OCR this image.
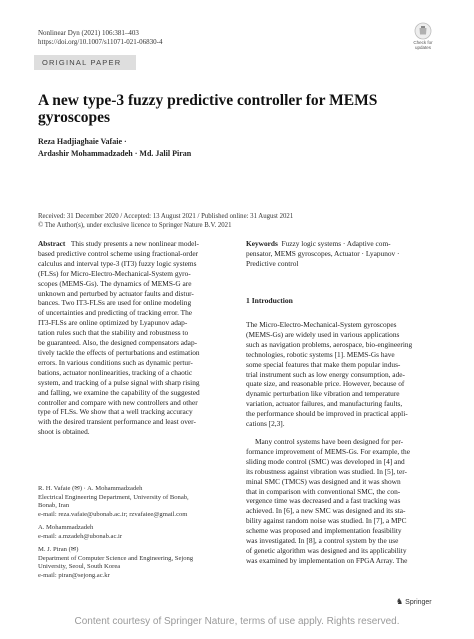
Nonlinear Dyn (2021) 106:381–403
https://doi.org/10.1007/s11071-021-06830-4	Check for updates
ORIGINAL PAPER
A new type-3 fuzzy predictive controller for MEMS
gyroscopes
Reza Hadjiaghaie Vafaie ·
Ardashir Mohammadzadeh · Md. Jalil Piran
Received: 31 December 2020 / Accepted: 13 August 2021 / Published online: 31 August 2021
© The Author(s), under exclusive licence to Springer Nature B.V. 2021
Abstract This study presents a new nonlinear model-
based predictive control scheme using fractional-order
calculus and interval type-3 (IT3) fuzzy logic systems
(FLSs) for Micro-Electro-Mechanical-System gyro-
scopes (MEMS-Gs). The dynamics of MEMS-G are
unknown and perturbed by actuator faults and distur-
bances. Two IT3-FLSs are used for online modeling
of uncertainties and predicting of tracking error. The
IT3-FLSs are online optimized by Lyapunov adap-
tation rules such that the stability and robustness to
be guaranteed. Also, the designed compensators adap-
tively tackle the effects of perturbations and estimation
errors. In various conditions such as dynamic pertur-
bations, actuator nonlinearities, tracking of a chaotic
system, and tracking of a pulse signal with sharp rising
and falling, we examine the capability of the suggested
controller and compare with new controllers and other
type of FLSs. We show that a well tracking accuracy
with the desired transient performance and least over-
shoot is obtained.
R. H. Vafaie (✉) · A. Mohammadzadeh
Electrical Engineering Department, University of Bonab,
Bonab, Iran
e-mail: reza.vafaie@ubonab.ac.ir; rzvafaiee@gmail.com
A. Mohammadzadeh
e-mail: a.mzadeh@ubonab.ac.ir
M. J. Piran (✉)
Department of Computer Science and Engineering, Sejong
University, Seoul, South Korea
e-mail: piran@sejong.ac.kr
Keywords Fuzzy logic systems · Adaptive com-
pensator, MEMS gyroscopes, Actuator · Lyapunov ·
Predictive control
1 Introduction
The Micro-Electro-Mechanical-System gyroscopes
(MEMS-Gs) are widely used in various applications
such as navigation problems, aerospace, bio-engineering
technologies, robotic systems [1]. MEMS-Gs have
some special features that make them popular indus-
trial instrument such as low energy consumption, ade-
quate size, and reasonable price. However, because of
dynamic perturbation like vibration and temperature
variation, actuator failures, and manufacturing faults,
the performance should be improved in practical appli-
cations [2,3].
Many control systems have been designed for per-
formance improvement of MEMS-Gs. For example, the
sliding mode control (SMC) was developed in [4] and
its robustness against vibration was studied. In [5], ter-
minal SMC (TMCS) was designed and it was shown
that in comparison with conventional SMC, the con-
vergence time was decreased and a fast tracking was
achieved. In [6], a new SMC was designed and its sta-
bility against random noise was studied. In [7], a MPC
scheme was proposed and implementation feasibility
was investigated. In [8], a control system by the use
of genetic algorithm was designed and its applicability
was examined by implementation on FPGA Array. The
♞ Springer
Content courtesy of Springer Nature, terms of use apply. Rights reserved.
